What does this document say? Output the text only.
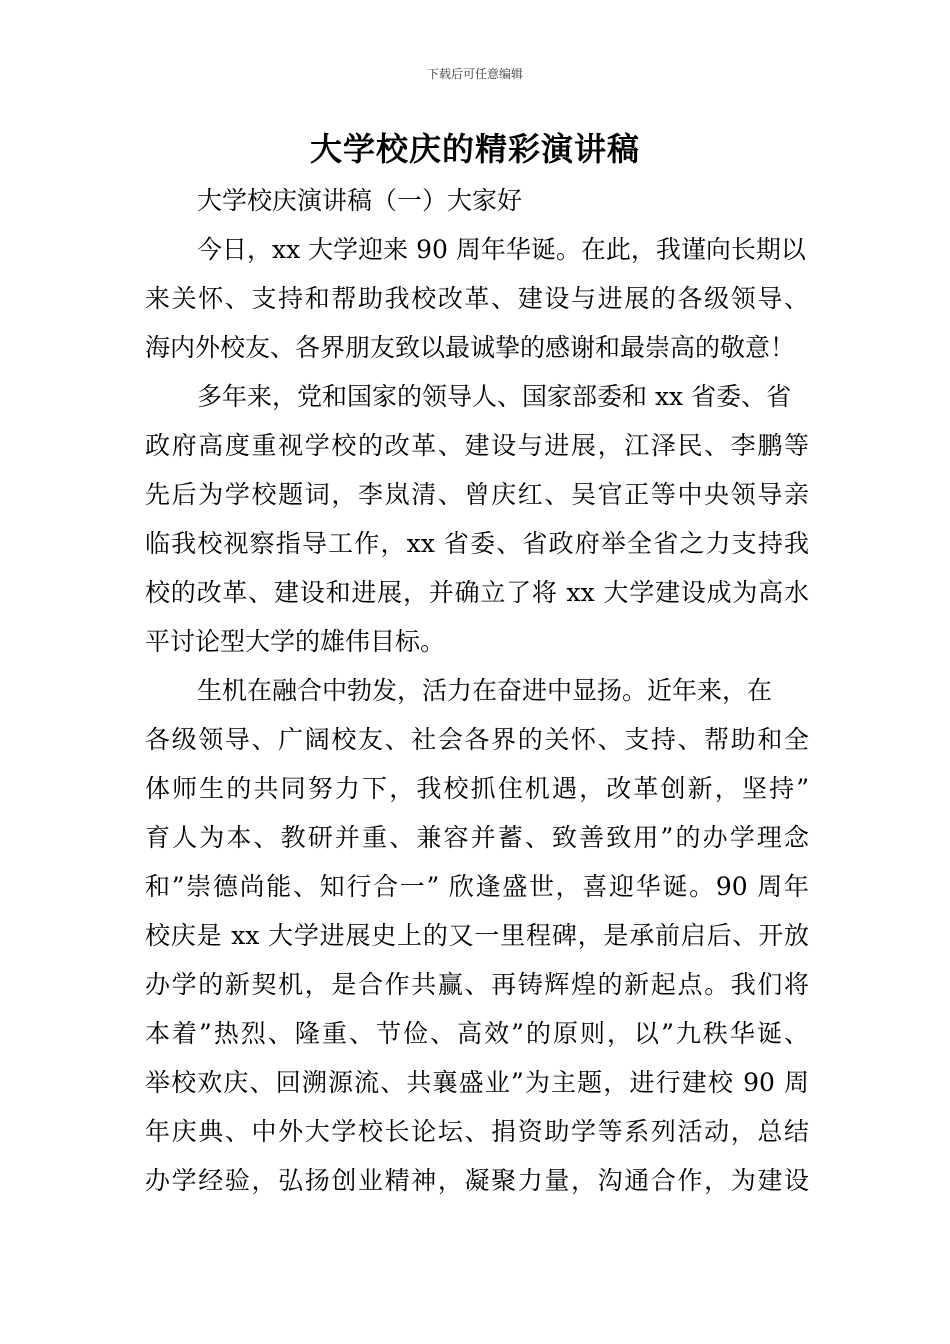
下载后可任意编辑
大学校庆的精彩演讲稿
大学校庆演讲稿（一）大家好
今日，xx 大学迎来 90 周年华诞。在此，我谨向长期以
来关怀、支持和帮助我校改革、建设与进展的各级领导、
海内外校友、各界朋友致以最诚挚的感谢和最崇高的敬意！
多年来，党和国家的领导人、国家部委和 xx 省委、省
政府高度重视学校的改革、建设与进展，江泽民、李鹏等
先后为学校题词，李岚清、曾庆红、吴官正等中央领导亲
临我校视察指导工作，xx 省委、省政府举全省之力支持我
校的改革、建设和进展，并确立了将 xx 大学建设成为高水
平讨论型大学的雄伟目标。
生机在融合中勃发，活力在奋进中显扬。近年来，在
各级领导、广阔校友、社会各界的关怀、支持、帮助和全
体师生的共同努力下，我校抓住机遇，改革创新，坚持”
育人为本、教研并重、兼容并蓄、致善致用”的办学理念
和”崇德尚能、知行合一” 欣逢盛世，喜迎华诞。90 周年
校庆是 xx 大学进展史上的又一里程碑，是承前启后、开放
办学的新契机，是合作共赢、再铸辉煌的新起点。我们将
本着”热烈、隆重、节俭、高效”的原则，以”九秩华诞、
举校欢庆、回溯源流、共襄盛业”为主题，进行建校 90 周
年庆典、中外大学校长论坛、捐资助学等系列活动，总结
办学经验，弘扬创业精神，凝聚力量，沟通合作，为建设
